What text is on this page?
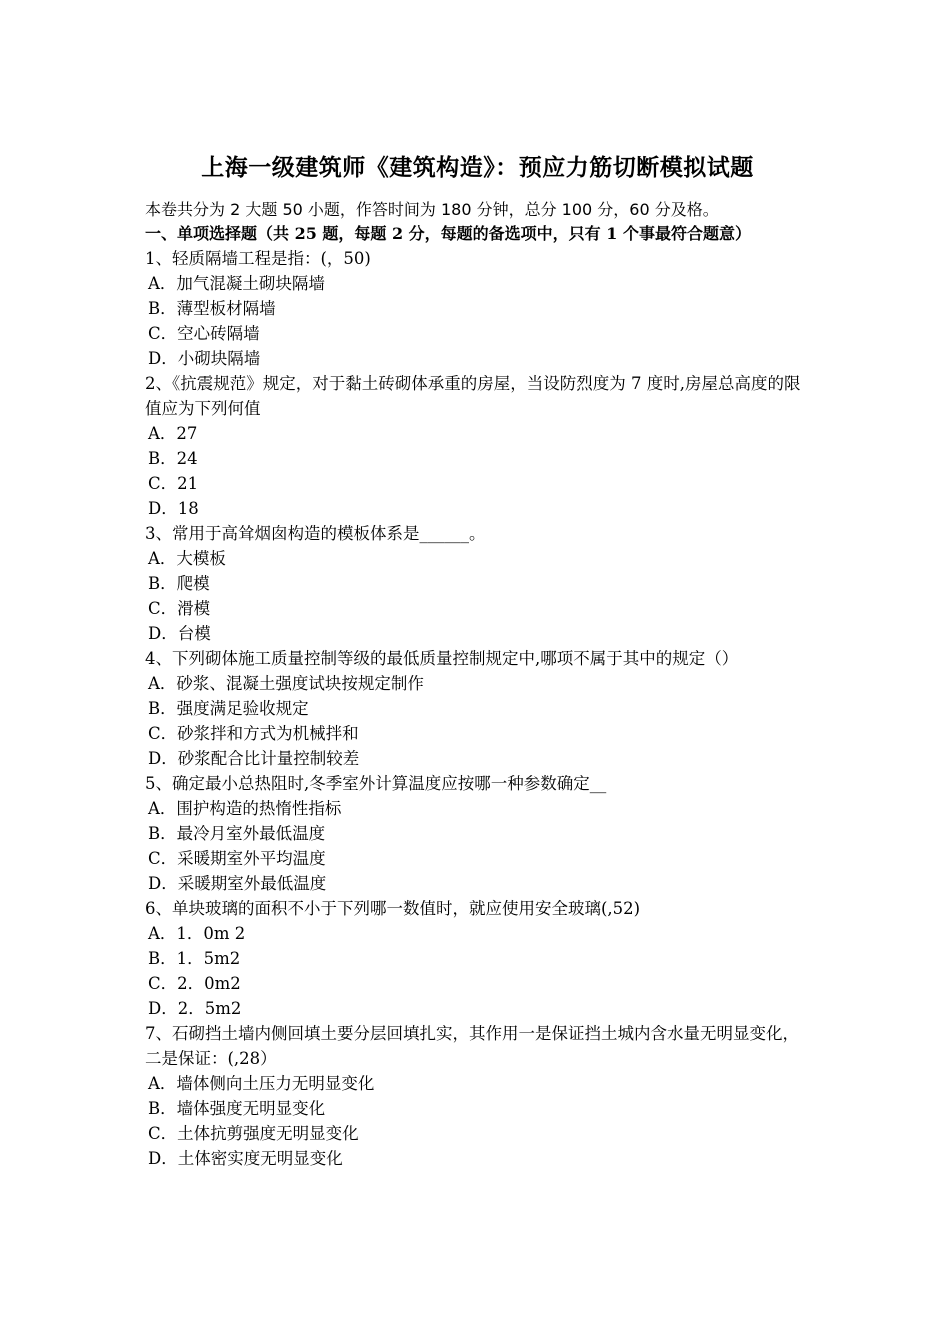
上海一级建筑师《建筑构造》：预应力筋切断模拟试题

本卷共分为 2 大题 50 小题，作答时间为 180 分钟，总分 100 分，60 分及格。

一、单项选择题（共 25 题，每题 2 分，每题的备选项中，只有 1 个事最符合题意）

1、轻质隔墙工程是指：(，50)

A．加气混凝土砌块隔墙

B．薄型板材隔墙

C．空心砖隔墙

D．小砌块隔墙

2、《抗震规范》规定，对于黏土砖砌体承重的房屋，当设防烈度为 7 度时,房屋总高度的限值应为下列何值

A．27

B．24

C．21

D．18

3、常用于高耸烟囱构造的模板体系是______。

A．大模板

B．爬模

C．滑模

D．台模

4、下列砌体施工质量控制等级的最低质量控制规定中,哪项不属于其中的规定（）

A．砂浆、混凝土强度试块按规定制作

B．强度满足验收规定

C．砂浆拌和方式为机械拌和

D．砂浆配合比计量控制较差

5、确定最小总热阻时,冬季室外计算温度应按哪一种参数确定__

A．围护构造的热惰性指标

B．最冷月室外最低温度

C．采暖期室外平均温度

D．采暖期室外最低温度

6、单块玻璃的面积不小于下列哪一数值时，就应使用安全玻璃(,52)

A．1．0m 2

B．1．5m2

C．2．0m2

D．2．5m2

7、石砌挡土墙内侧回填土要分层回填扎实，其作用一是保证挡土城内含水量无明显变化，二是保证：(,28）

A．墙体侧向土压力无明显变化

B．墙体强度无明显变化

C．土体抗剪强度无明显变化

D．土体密实度无明显变化
